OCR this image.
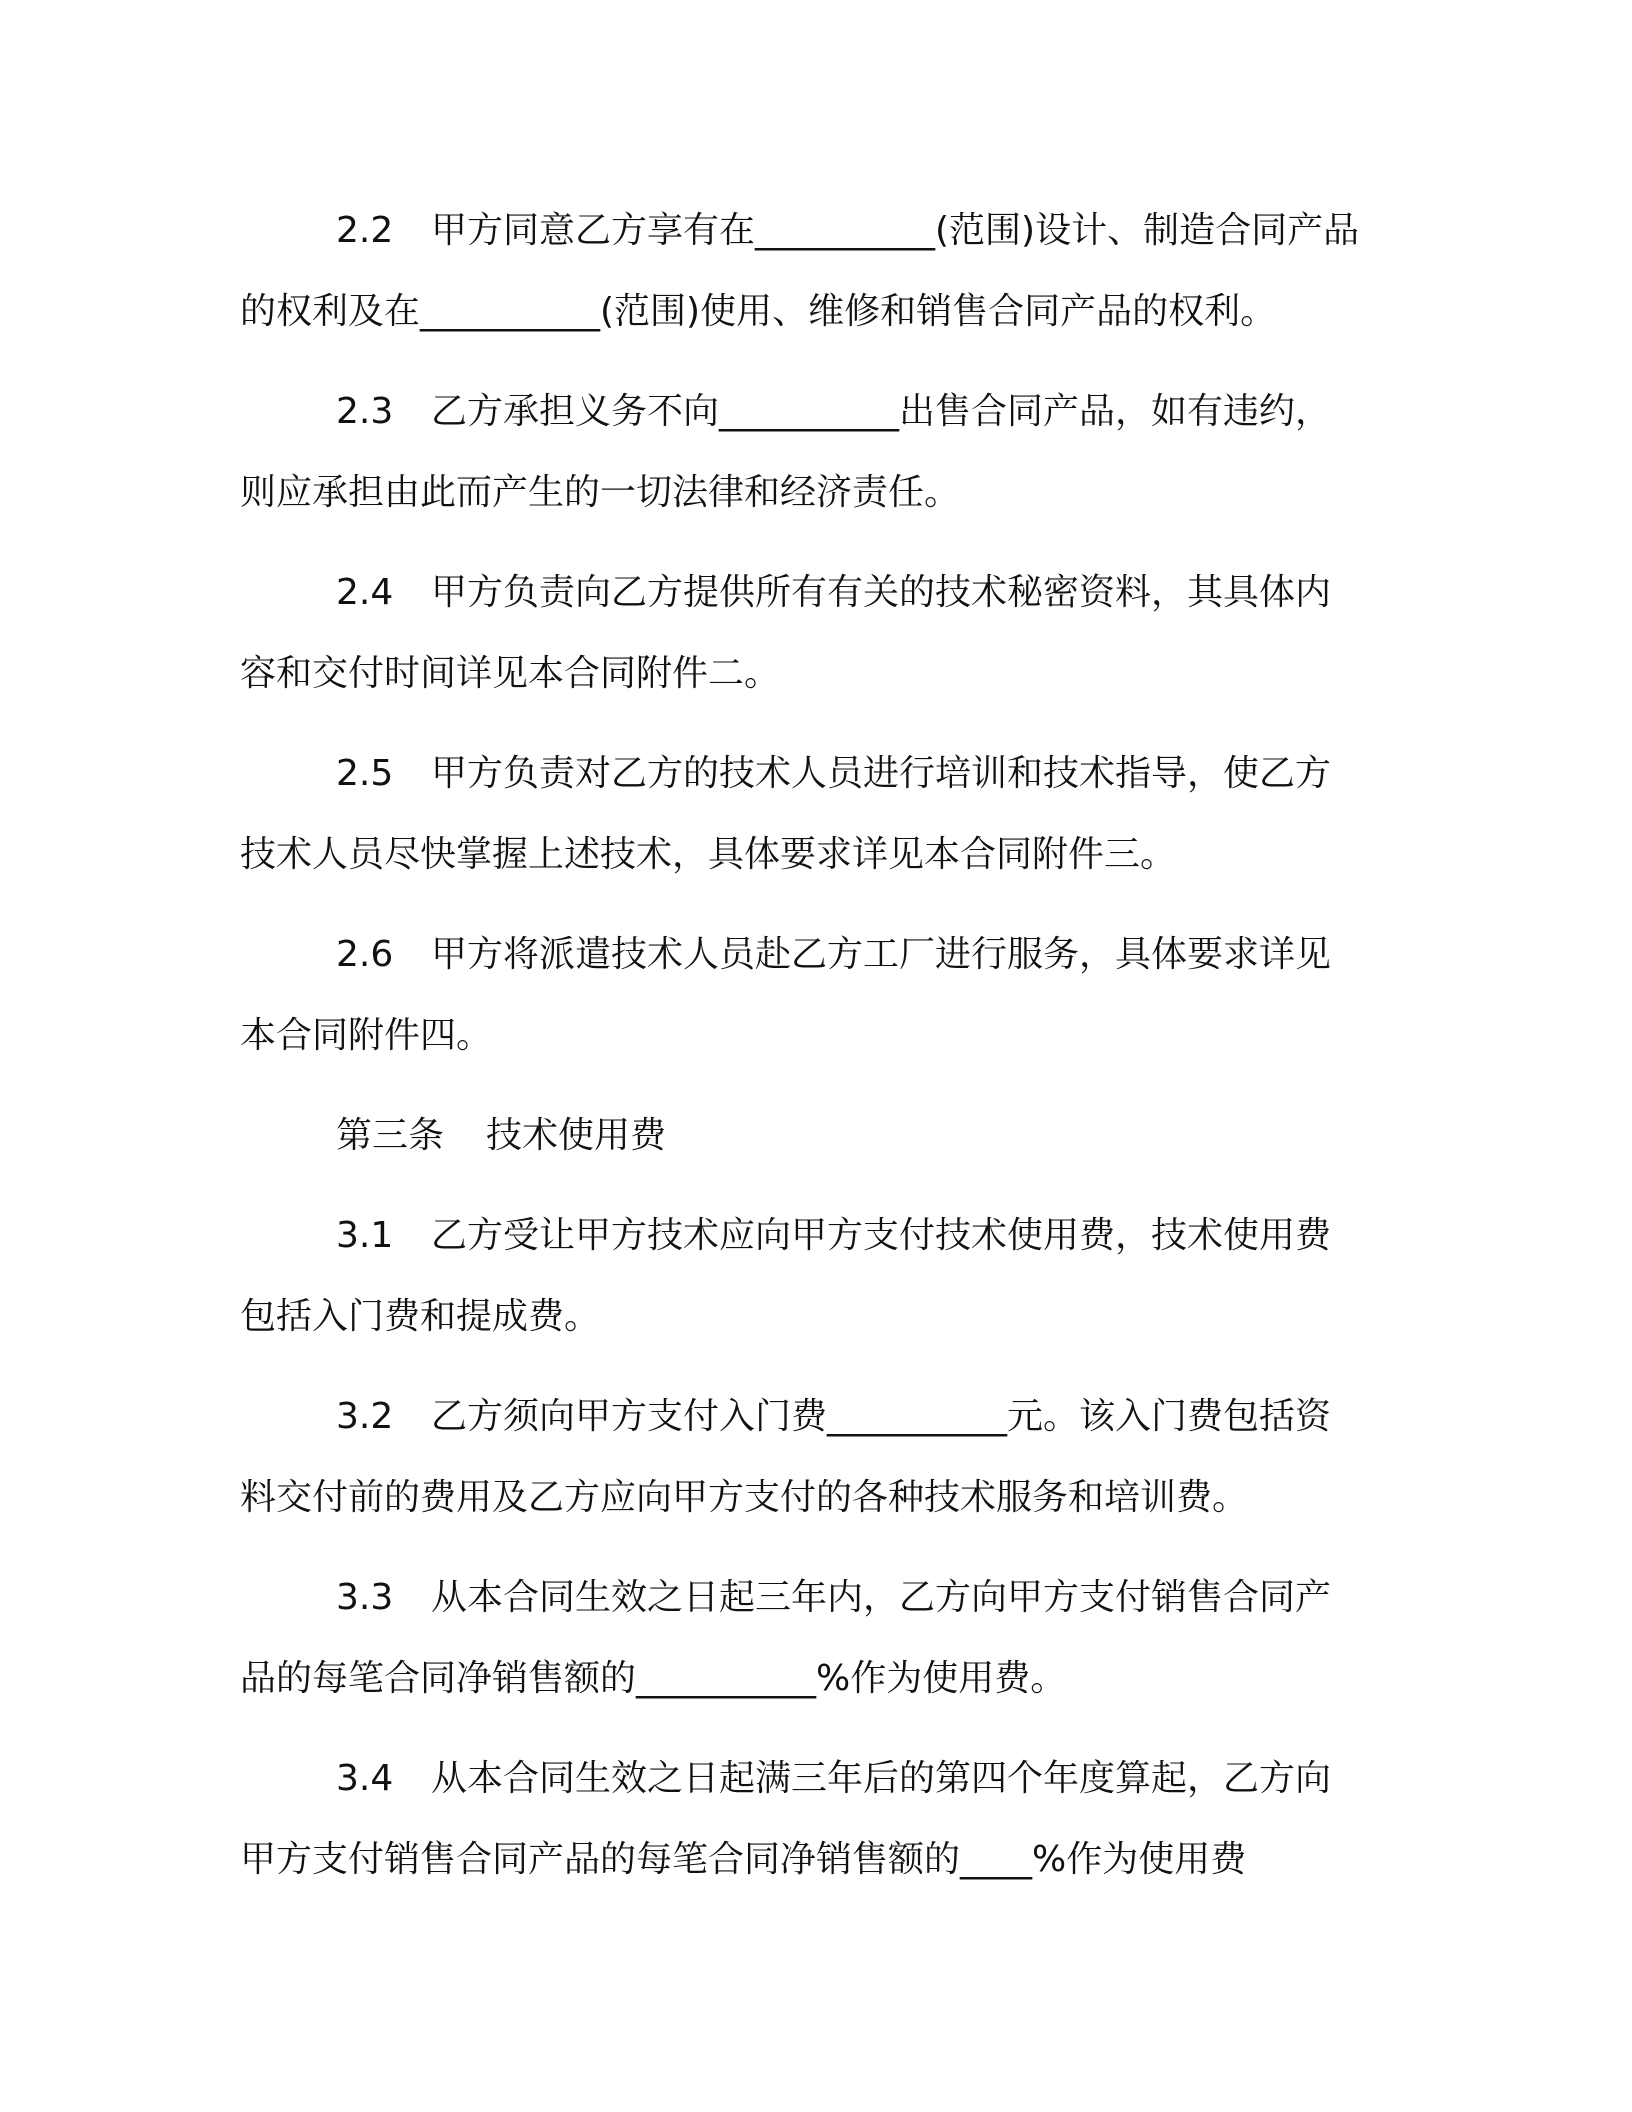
2.2 甲方同意乙方享有在__________(范围)设计、制造合同产品
的权利及在__________(范围)使用、维修和销售合同产品的权利。
2.3 乙方承担义务不向__________出售合同产品，如有违约，
则应承担由此而产生的一切法律和经济责任。
2.4 甲方负责向乙方提供所有有关的技术秘密资料，其具体内
容和交付时间详见本合同附件二。
2.5 甲方负责对乙方的技术人员进行培训和技术指导，使乙方
技术人员尽快掌握上述技术，具体要求详见本合同附件三。
2.6 甲方将派遣技术人员赴乙方工厂进行服务，具体要求详见
本合同附件四。
第三条 技术使用费
3.1 乙方受让甲方技术应向甲方支付技术使用费，技术使用费
包括入门费和提成费。
3.2 乙方须向甲方支付入门费__________元。该入门费包括资
料交付前的费用及乙方应向甲方支付的各种技术服务和培训费。
3.3 从本合同生效之日起三年内，乙方向甲方支付销售合同产
品的每笔合同净销售额的__________%作为使用费。
3.4 从本合同生效之日起满三年后的第四个年度算起，乙方向
甲方支付销售合同产品的每笔合同净销售额的____%作为使用费
